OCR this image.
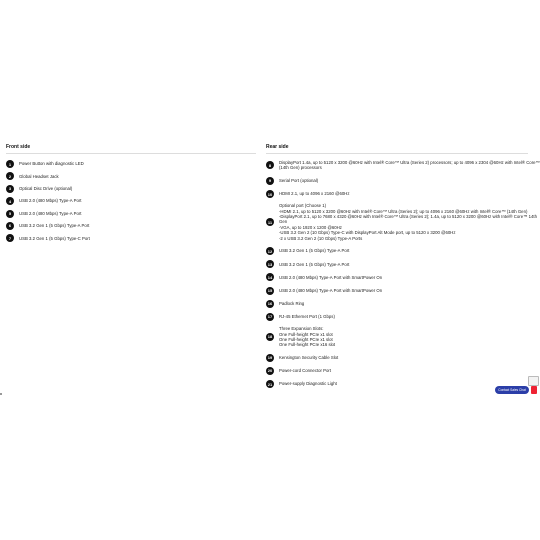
Front side
1	Power Button with diagnostic LED
2	Global Headset Jack
3	Optical Disc Drive (optional)
4	USB 2.0 (480 Mbps) Type-A Port
5	USB 2.0 (480 Mbps) Type-A Port
6	USB 3.2 Gen 1 (5 Gbps) Type-A Port
7	USB 3.2 Gen 1 (5 Gbps) Type-C Port
Rear side
8
DisplayPort 1.4a, up to 5120 x 3200 @60Hz with Intel® Core™ Ultra (Series 2) processors; up to 4096 x 2304 @60Hz with Intel® Core™
(14th Gen) processors
9	Serial Port (optional)
10	HDMI 2.1, up to 4096 x 2160 @60Hz
11
Optional port (Choose 1)
-HDMI 2.1, up to 5120 x 3200 @60Hz with Intel® Core™ Ultra (Series 2); up to 4096 x 2160 @60Hz with Intel® Core™ (14th Gen)
-DisplayPort 2.1, up to 7680 x 4320 @60Hz with Intel® Core™ Ultra (Series 2); 1.4a, up to 5120 x 3200 @60Hz with Intel® Core™ 14th
Gen
-VGA, up to 1920 x 1200 @60Hz
-USB 3.2 Gen 2 (10 Gbps) Type-C with DisplayPort Alt Mode port, up to 5120 x 3200 @60Hz
-2 x USB 3.2 Gen 2 (10 Gbps) Type-A Ports
12	USB 3.2 Gen 1 (5 Gbps) Type-A Port
13	USB 3.2 Gen 1 (5 Gbps) Type-A Port
14	USB 2.0 (480 Mbps) Type-A Port with SmartPower On
15	USB 2.0 (480 Mbps) Type-A Port with SmartPower On
16	Padlock Ring
17	RJ-45 Ethernet Port (1 Gbps)
18
Three Expansion Slots:
One Full-height PCIe x1 slot
One Full-height PCIe x1 slot
One Full-height PCIe x16 slot
19	Kensington Security Cable Slot
20	Power-cord Connector Port
21	Power-supply Diagnostic Light
Contact Sales Chat
